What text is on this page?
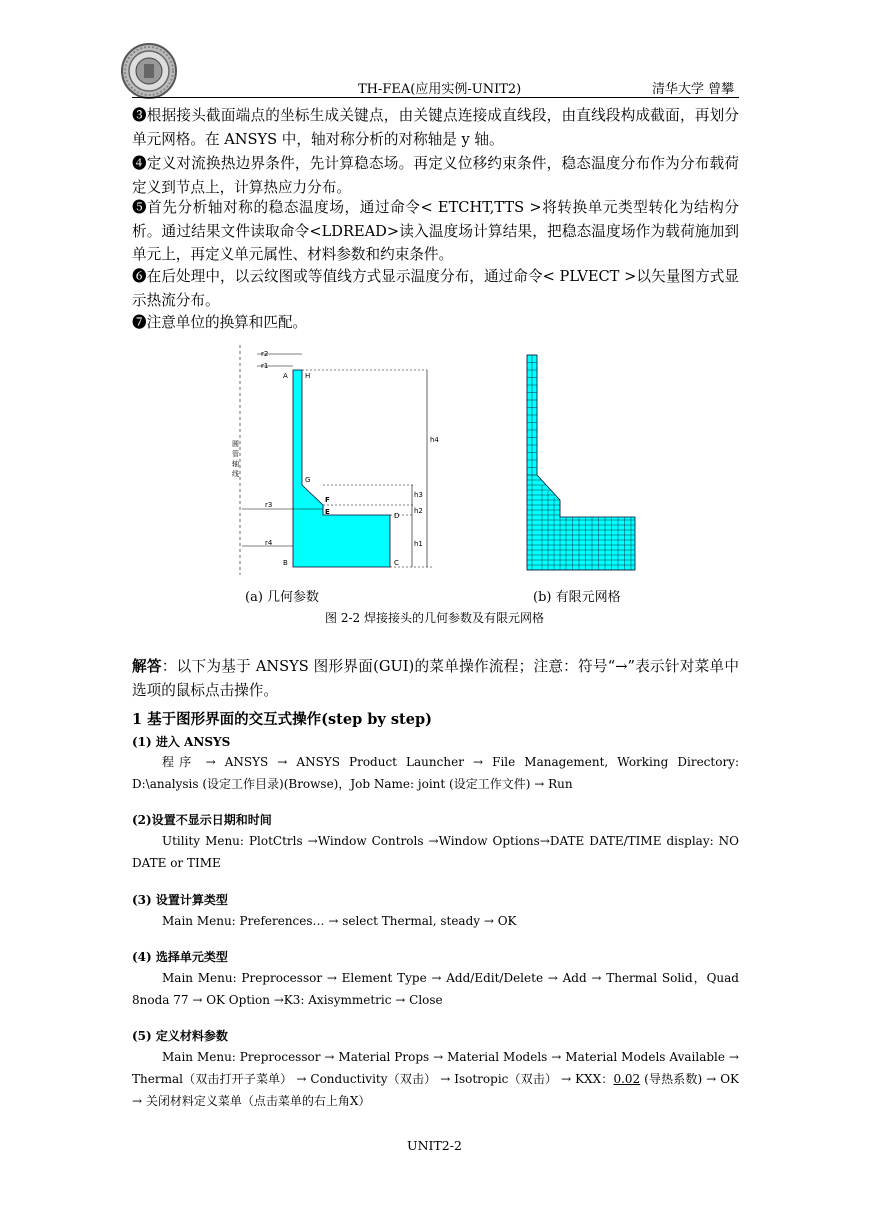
TH-FEA(应用实例-UNIT2)	清华大学 曾攀
❸根据接头截面端点的坐标生成关键点，由关键点连接成直线段，由直线段构成截面，再划分单元网格。在 ANSYS 中，轴对称分析的对称轴是 y 轴。
❹定义对流换热边界条件，先计算稳态场。再定义位移约束条件，稳态温度分布作为分布载荷定义到节点上，计算热应力分布。
❺首先分析轴对称的稳态温度场，通过命令< ETCHT,TTS >将转换单元类型转化为结构分析。通过结果文件读取命令<LDREAD>读入温度场计算结果，把稳态温度场作为载荷施加到单元上，再定义单元属性、材料参数和约束条件。
❻在后处理中，以云纹图或等值线方式显示温度分布，通过命令< PLVECT >以矢量图方式显示热流分布。
❼注意单位的换算和匹配。
r2
r1
A H
G
F
E	D
B	C
r3
r4
h4
h3
h2
h1
圆
管
轴
线
(a) 几何参数	(b) 有限元网格
图 2-2 焊接接头的几何参数及有限元网格
解答：以下为基于 ANSYS 图形界面(GUI)的菜单操作流程；注意：符号“→”表示针对菜单中选项的鼠标点击操作。
1 基于图形界面的交互式操作(step by step)
(1) 进入 ANSYS
程序 → ANSYS → ANSYS Product Launcher → File Management, Working Directory: D:\analysis (设定工作目录)(Browse)，Job Name: joint (设定工作文件) → Run
(2)设置不显示日期和时间
Utility Menu: PlotCtrls →Window Controls →Window Options→DATE DATE/TIME display: NO DATE or TIME
(3) 设置计算类型
Main Menu: Preferences… → select Thermal, steady → OK
(4) 选择单元类型
Main Menu: Preprocessor → Element Type → Add/Edit/Delete → Add → Thermal Solid，Quad 8noda 77 → OK Option →K3: Axisymmetric → Close
(5) 定义材料参数
Main Menu: Preprocessor → Material Props → Material Models → Material Models Available → Thermal（双击打开子菜单） → Conductivity（双击） → Isotropic（双击） → KXX：0.02 (导热系数) → OK → 关闭材料定义菜单（点击菜单的右上角X）
UNIT2-2
